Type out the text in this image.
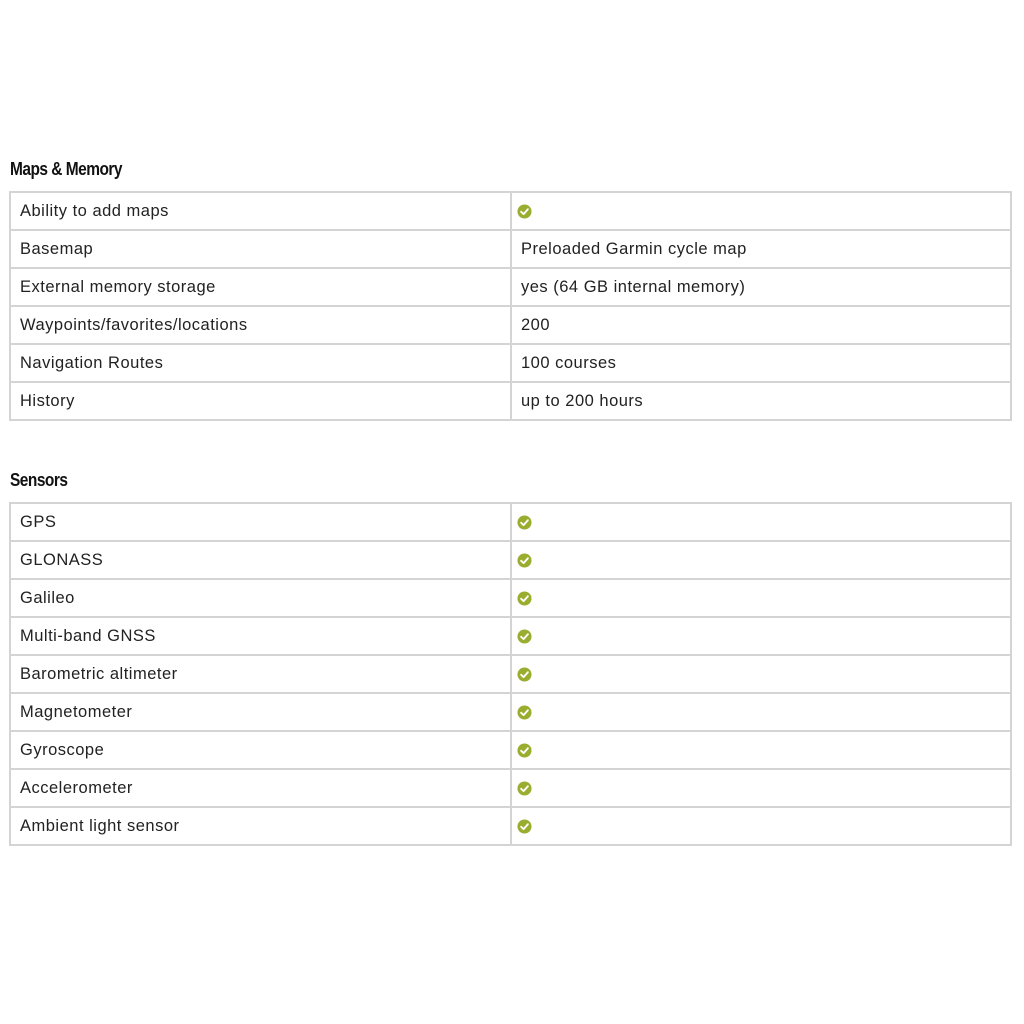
Maps & Memory
Ability to add maps	
Basemap	Preloaded Garmin cycle map
External memory storage	yes (64 GB internal memory)
Waypoints/favorites/locations	200
Navigation Routes	100 courses
History	up to 200 hours
Sensors
GPS	
GLONASS	
Galileo	
Multi-band GNSS	
Barometric altimeter	
Magnetometer	
Gyroscope	
Accelerometer	
Ambient light sensor	
